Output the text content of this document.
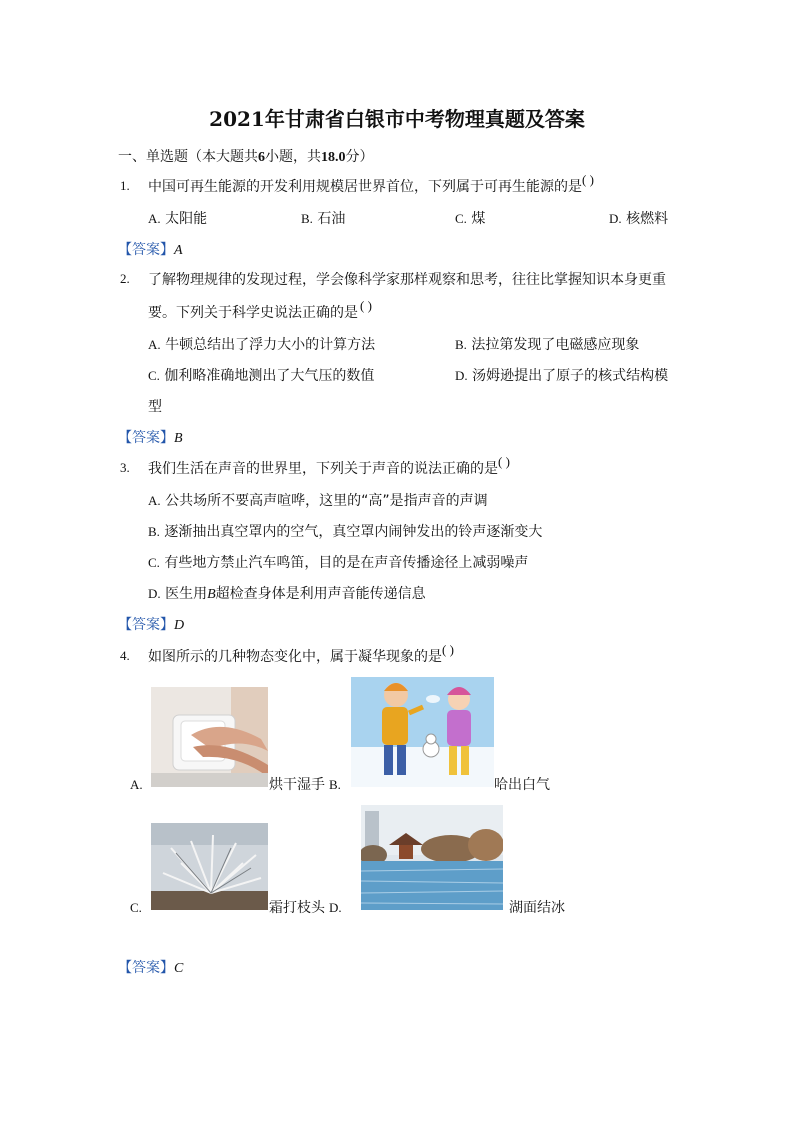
2021年甘肃省白银市中考物理真题及答案
一、单选题（本大题共6小题，共18.0分）
1. 中国可再生能源的开发利用规模居世界首位，下列属于可再生能源的是 ( )
A. 太阳能	B. 石油	C. 煤	D. 核燃料
【答案】A
2. 了解物理规律的发现过程，学会像科学家那样观察和思考，往往比掌握知识本身更重
要。下列关于科学史说法正确的是 ( )
A. 牛顿总结出了浮力大小的计算方法	B. 法拉第发现了电磁感应现象
C. 伽利略准确地测出了大气压的数值	D. 汤姆逊提出了原子的核式结构模
型
【答案】B
3. 我们生活在声音的世界里，下列关于声音的说法正确的是 ( )
A. 公共场所不要高声喧哗，这里的“高”是指声音的声调
B. 逐渐抽出真空罩内的空气，真空罩内闹钟发出的铃声逐渐变大
C. 有些地方禁止汽车鸣笛，目的是在声音传播途径上减弱噪声
D. 医生用B超检查身体是利用声音能传递信息
【答案】D
4. 如图所示的几种物态变化中，属于凝华现象的是 ( )
A.	烘干湿手 B.	哈出白气
C.	霜打枝头 D.	湖面结冰
【答案】C
